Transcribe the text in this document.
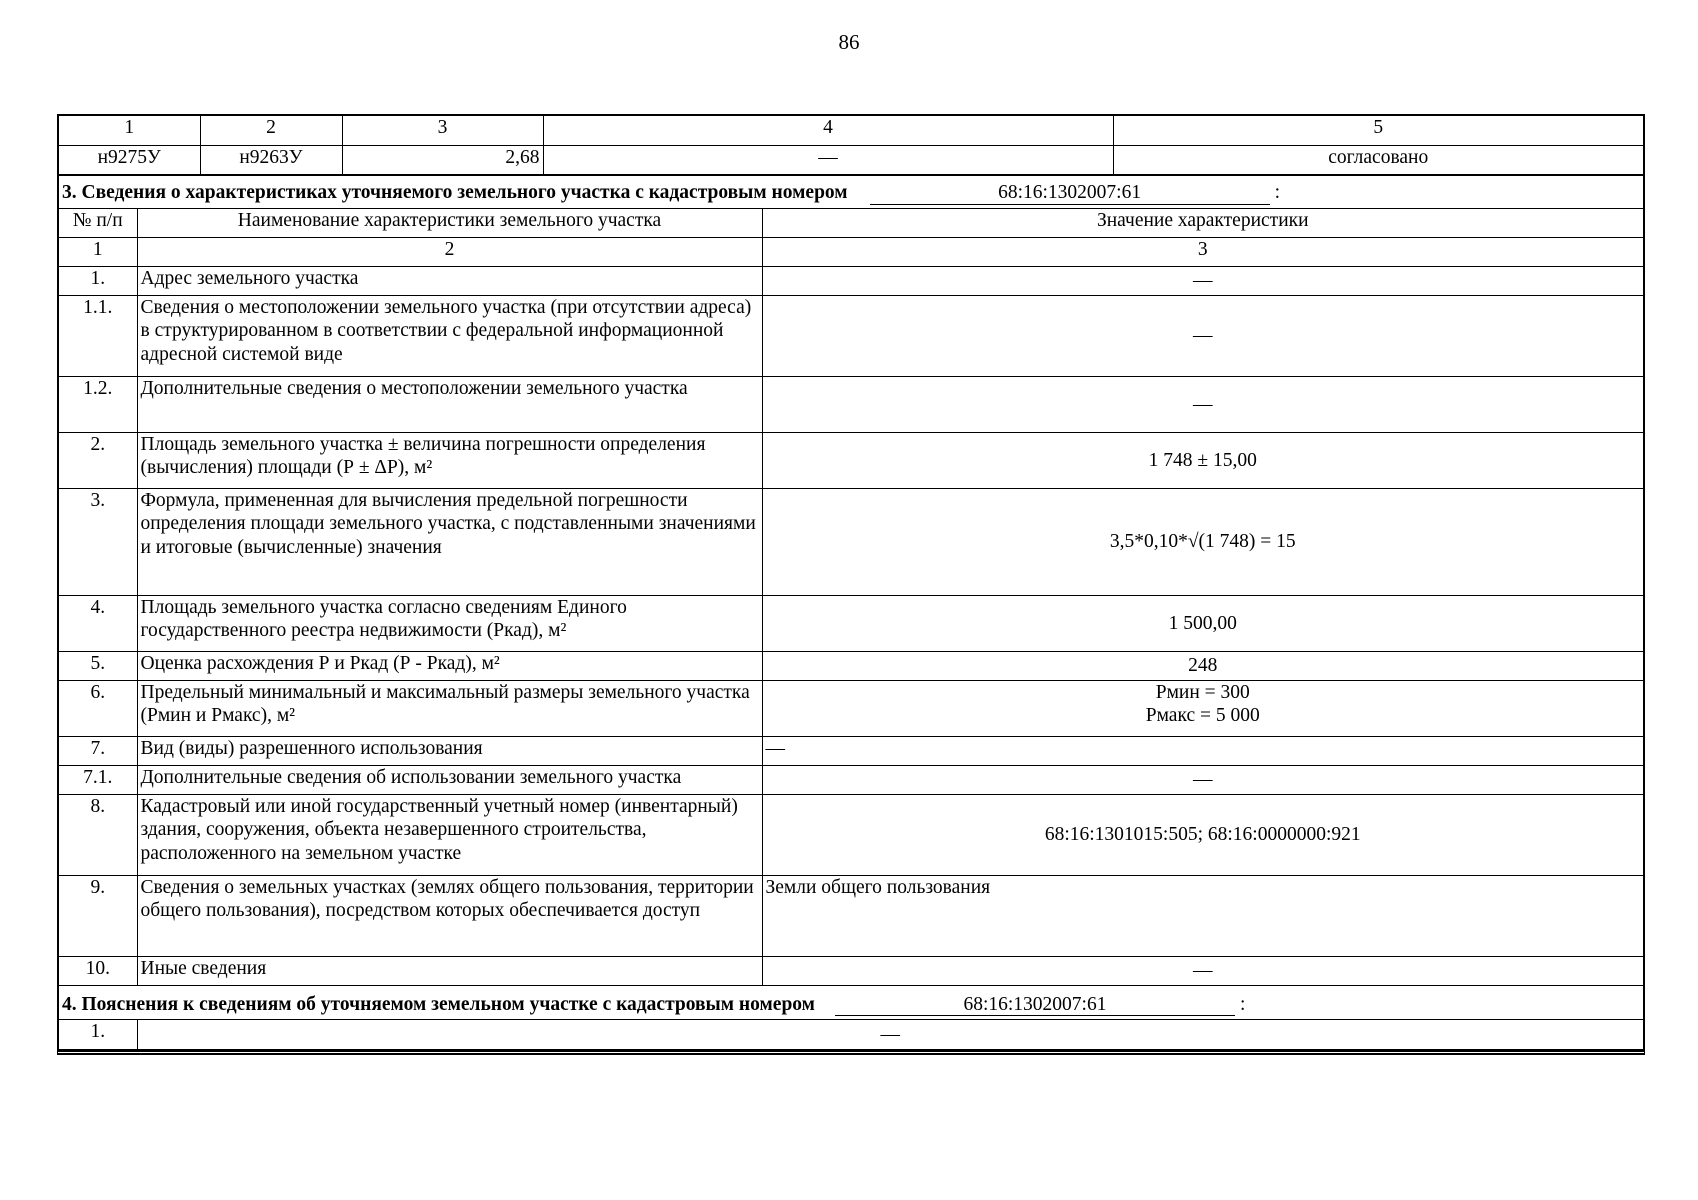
86
1	2	3	4	5
н9275У	н9263У	2,68	—	согласовано
3. Сведения о характеристиках уточняемого земельного участка с кадастровым номером	68:16:1302007:61	:
№ п/п	Наименование характеристики земельного участка	Значение характеристики
1	2	3
1.	Адрес земельного участка	—
1.1.	Сведения о местоположении земельного участка (при отсутствии адреса) в структурированном в соответствии с федеральной информационной адресной системой виде	—
1.2.	Дополнительные сведения о местоположении земельного участка	—
2.	Площадь земельного участка ± величина погрешности определения (вычисления) площади (Р ± ΔР), м²	1 748 ± 15,00
3.	Формула, примененная для вычисления предельной погрешности определения площади земельного участка, с подставленными значениями и итоговые (вычисленные) значения	3,5*0,10*√(1 748) = 15
4.	Площадь земельного участка согласно сведениям Единого государственного реестра недвижимости (Ркад), м²	1 500,00
5.	Оценка расхождения Р и Ркад (Р - Ркад), м²	248
6.	Предельный минимальный и максимальный размеры земельного участка (Рмин и Рмакс), м²	Рмин = 300
Рмакс = 5 000

7.	Вид (виды) разрешенного использования	—
7.1.	Дополнительные сведения об использовании земельного участка	—
8.	Кадастровый или иной государственный учетный номер (инвентарный) здания, сооружения, объекта незавершенного строительства, расположенного на земельном участке	68:16:1301015:505; 68:16:0000000:921
9.	Сведения о земельных участках (землях общего пользования, территории общего пользования), посредством которых обеспечивается доступ	Земли общего пользования
10.	Иные сведения	—
4. Пояснения к сведениям об уточняемом земельном участке с кадастровым номером	68:16:1302007:61	:
1.	—
